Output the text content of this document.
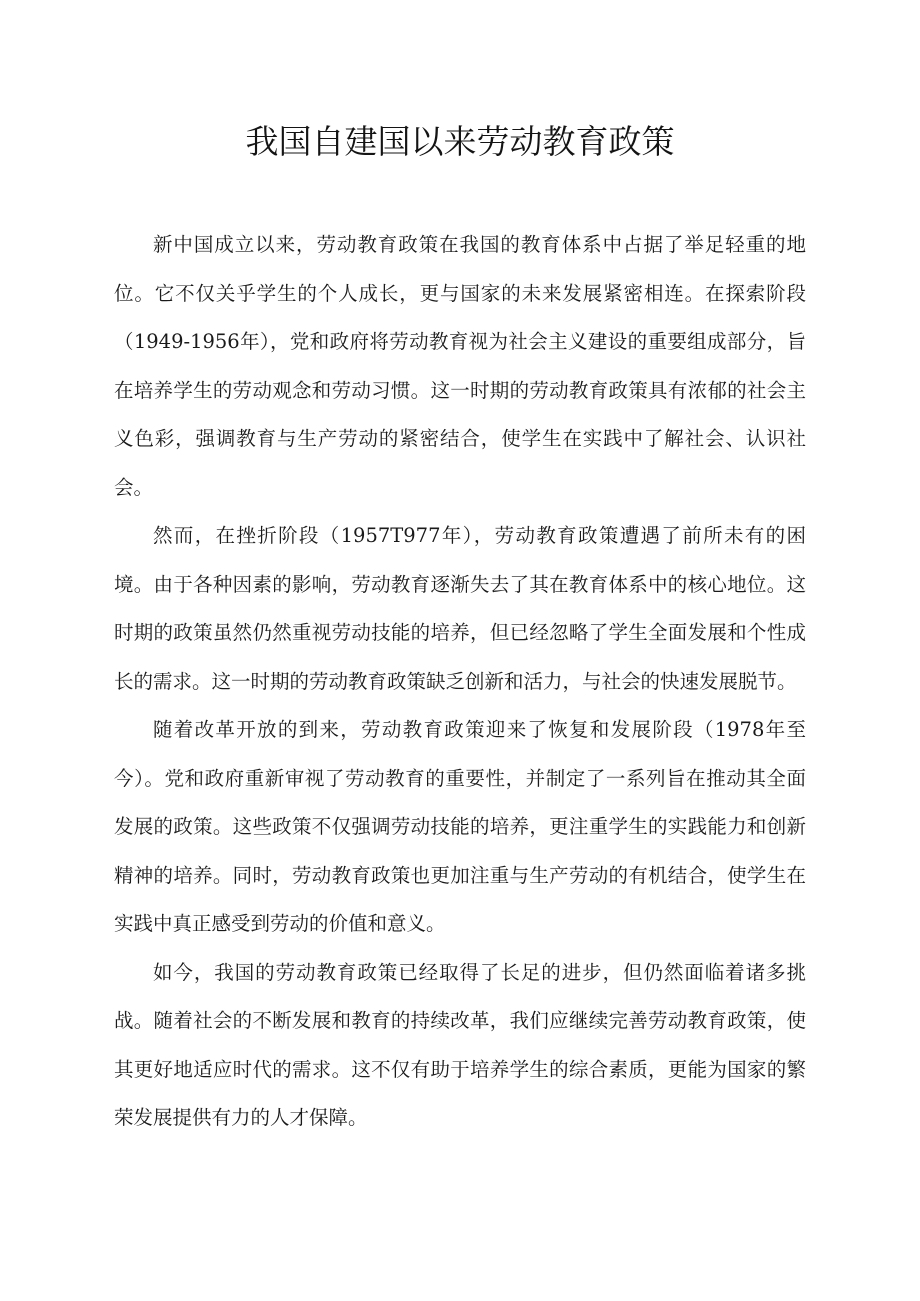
我国自建国以来劳动教育政策

新中国成立以来，劳动教育政策在我国的教育体系中占据了举足轻重的地位。它不仅关乎学生的个人成长，更与国家的未来发展紧密相连。在探索阶段（1949-1956年），党和政府将劳动教育视为社会主义建设的重要组成部分，旨在培养学生的劳动观念和劳动习惯。这一时期的劳动教育政策具有浓郁的社会主义色彩，强调教育与生产劳动的紧密结合，使学生在实践中了解社会、认识社会。

然而，在挫折阶段（1957T977年），劳动教育政策遭遇了前所未有的困境。由于各种因素的影响，劳动教育逐渐失去了其在教育体系中的核心地位。这时期的政策虽然仍然重视劳动技能的培养，但已经忽略了学生全面发展和个性成长的需求。这一时期的劳动教育政策缺乏创新和活力，与社会的快速发展脱节。

随着改革开放的到来，劳动教育政策迎来了恢复和发展阶段（1978年至今）。党和政府重新审视了劳动教育的重要性，并制定了一系列旨在推动其全面发展的政策。这些政策不仅强调劳动技能的培养，更注重学生的实践能力和创新精神的培养。同时，劳动教育政策也更加注重与生产劳动的有机结合，使学生在实践中真正感受到劳动的价值和意义。

如今，我国的劳动教育政策已经取得了长足的进步，但仍然面临着诸多挑战。随着社会的不断发展和教育的持续改革，我们应继续完善劳动教育政策，使其更好地适应时代的需求。这不仅有助于培养学生的综合素质，更能为国家的繁荣发展提供有力的人才保障。
